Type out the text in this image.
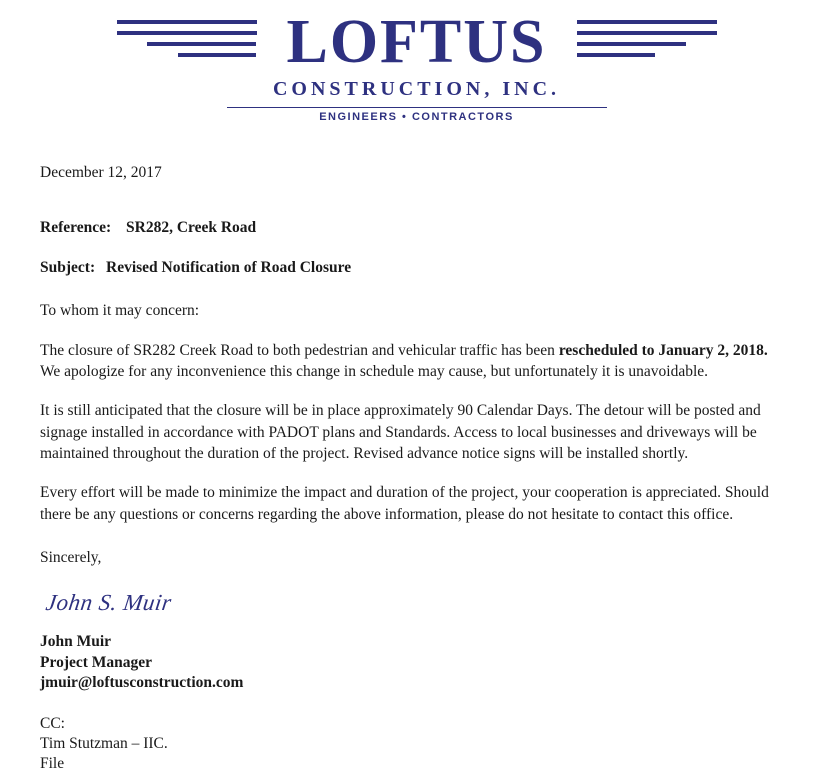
LOFTUS
CONSTRUCTION, INC.
ENGINEERS • CONTRACTORS
December 12, 2017
Reference: SR282, Creek Road
Subject: Revised Notification of Road Closure
To whom it may concern:

The closure of SR282 Creek Road to both pedestrian and vehicular traffic has been rescheduled to January 2, 2018. We apologize for any inconvenience this change in schedule may cause, but unfortunately it is unavoidable.

It is still anticipated that the closure will be in place approximately 90 Calendar Days. The detour will be posted and signage installed in accordance with PADOT plans and Standards. Access to local businesses and driveways will be maintained throughout the duration of the project. Revised advance notice signs will be installed shortly.

Every effort will be made to minimize the impact and duration of the project, your cooperation is appreciated. Should there be any questions or concerns regarding the above information, please do not hesitate to contact this office.

Sincerely,
John S. Muir
John Muir
Project Manager
jmuir@loftusconstruction.com
CC:
Tim Stutzman – IIC.
File
